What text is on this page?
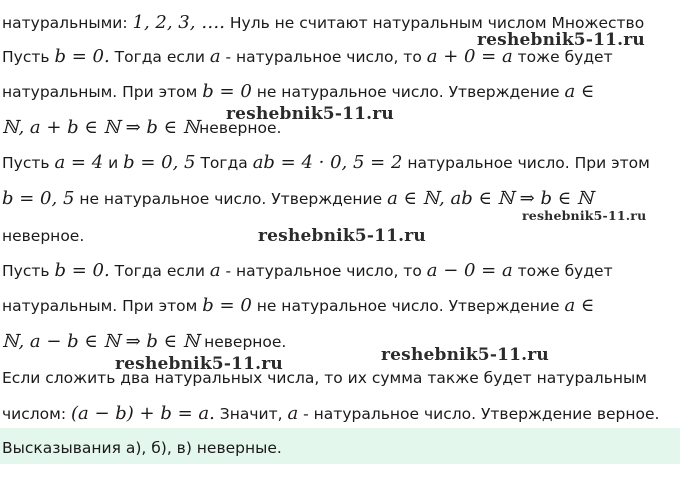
натуральными: 1, 2, 3, …. Нуль не считают натуральным числом Множество
Пусть b = 0. Тогда если a - натуральное число, то a + 0 = a тоже будет
натуральным. При этом b = 0 не натуральное число. Утверждение a ∈
ℕ, a + b ∈ ℕ ⇒ b ∈ ℕневерное.
Пусть a = 4 и b = 0, 5 Тогда ab = 4 · 0, 5 = 2 натуральное число. При этом
b = 0, 5 не натуральное число. Утверждение a ∈ ℕ, ab ∈ ℕ ⇒ b ∈ ℕ
неверное.
Пусть b = 0. Тогда если a - натуральное число, то a − 0 = a тоже будет
натуральным. При этом b = 0 не натуральное число. Утверждение a ∈
ℕ, a − b ∈ ℕ ⇒ b ∈ ℕ неверное.
Если сложить два натуральных числа, то их сумма также будет натуральным
числом: (a − b) + b = a. Значит, a - натуральное число. Утверждение верное.
Высказывания а), б), в) неверные.
reshebnik5-11.ru
reshebnik5-11.ru
reshebnik5-11.ru
reshebnik5-11.ru
reshebnik5-11.ru
reshebnik5-11.ru
